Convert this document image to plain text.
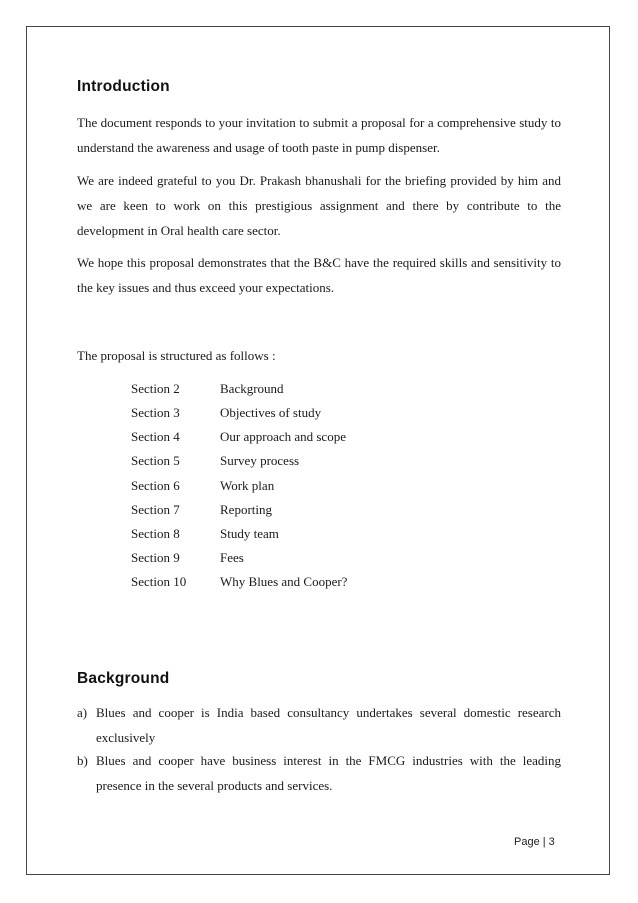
Introduction

The document responds to your invitation to submit a proposal for a comprehensive study to understand the awareness and usage of tooth paste in pump dispenser.

We are indeed grateful to you Dr. Prakash bhanushali for the briefing provided by him and we are keen to work on this prestigious assignment and there by contribute to the development in Oral health care sector.

We hope this proposal demonstrates that the B&C have the required skills and sensitivity to the key issues and thus exceed your expectations.

The proposal is structured as follows :

Section 2	Background
Section 3	Objectives of study
Section 4	Our approach and scope
Section 5	Survey process
Section 6	Work plan
Section 7	Reporting
Section 8	Study team
Section 9	Fees
Section 10	Why Blues and Cooper?
Background
a) Blues and cooper is India based consultancy undertakes several domestic research exclusively

b) Blues and cooper have business interest in the FMCG industries with the leading presence in the several products and services.

Page | 3
